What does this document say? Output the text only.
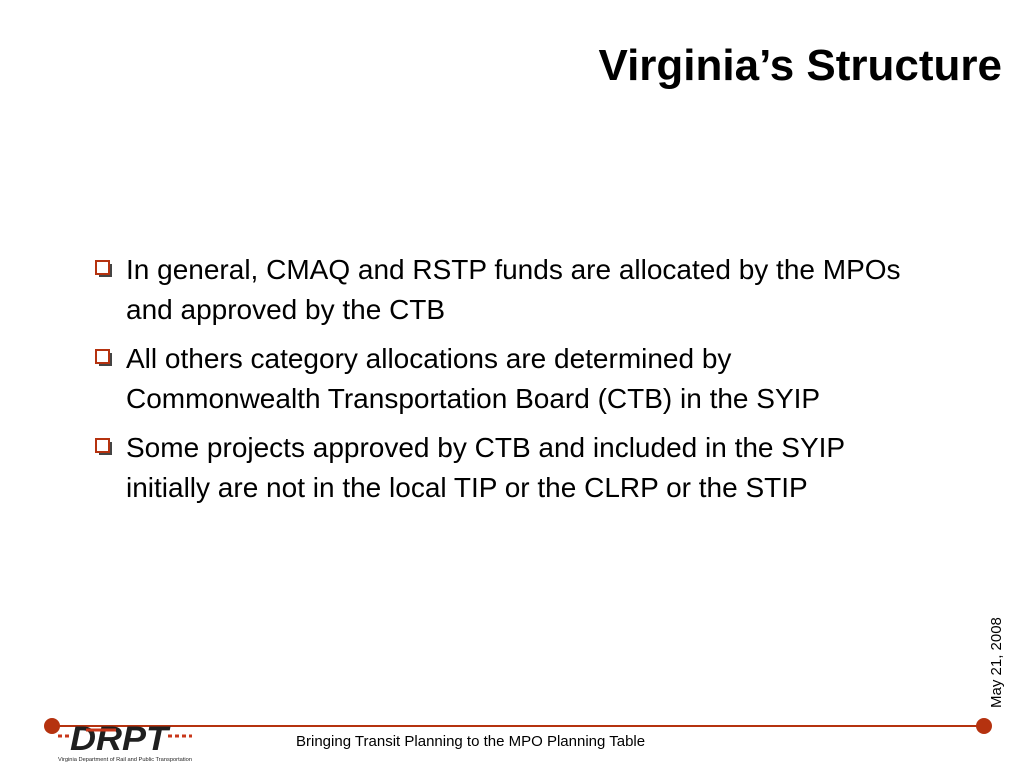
Virginia’s Structure
In general, CMAQ and RSTP funds are allocated by the MPOs and approved by the CTB
All others category allocations are determined by Commonwealth Transportation Board (CTB) in the SYIP
Some projects approved by CTB and included in the SYIP initially are not in the local TIP or the CLRP or the STIP
May 21, 2008
DRPT
Virginia Department of Rail and Public Transportation
Bringing Transit Planning to the MPO Planning Table
